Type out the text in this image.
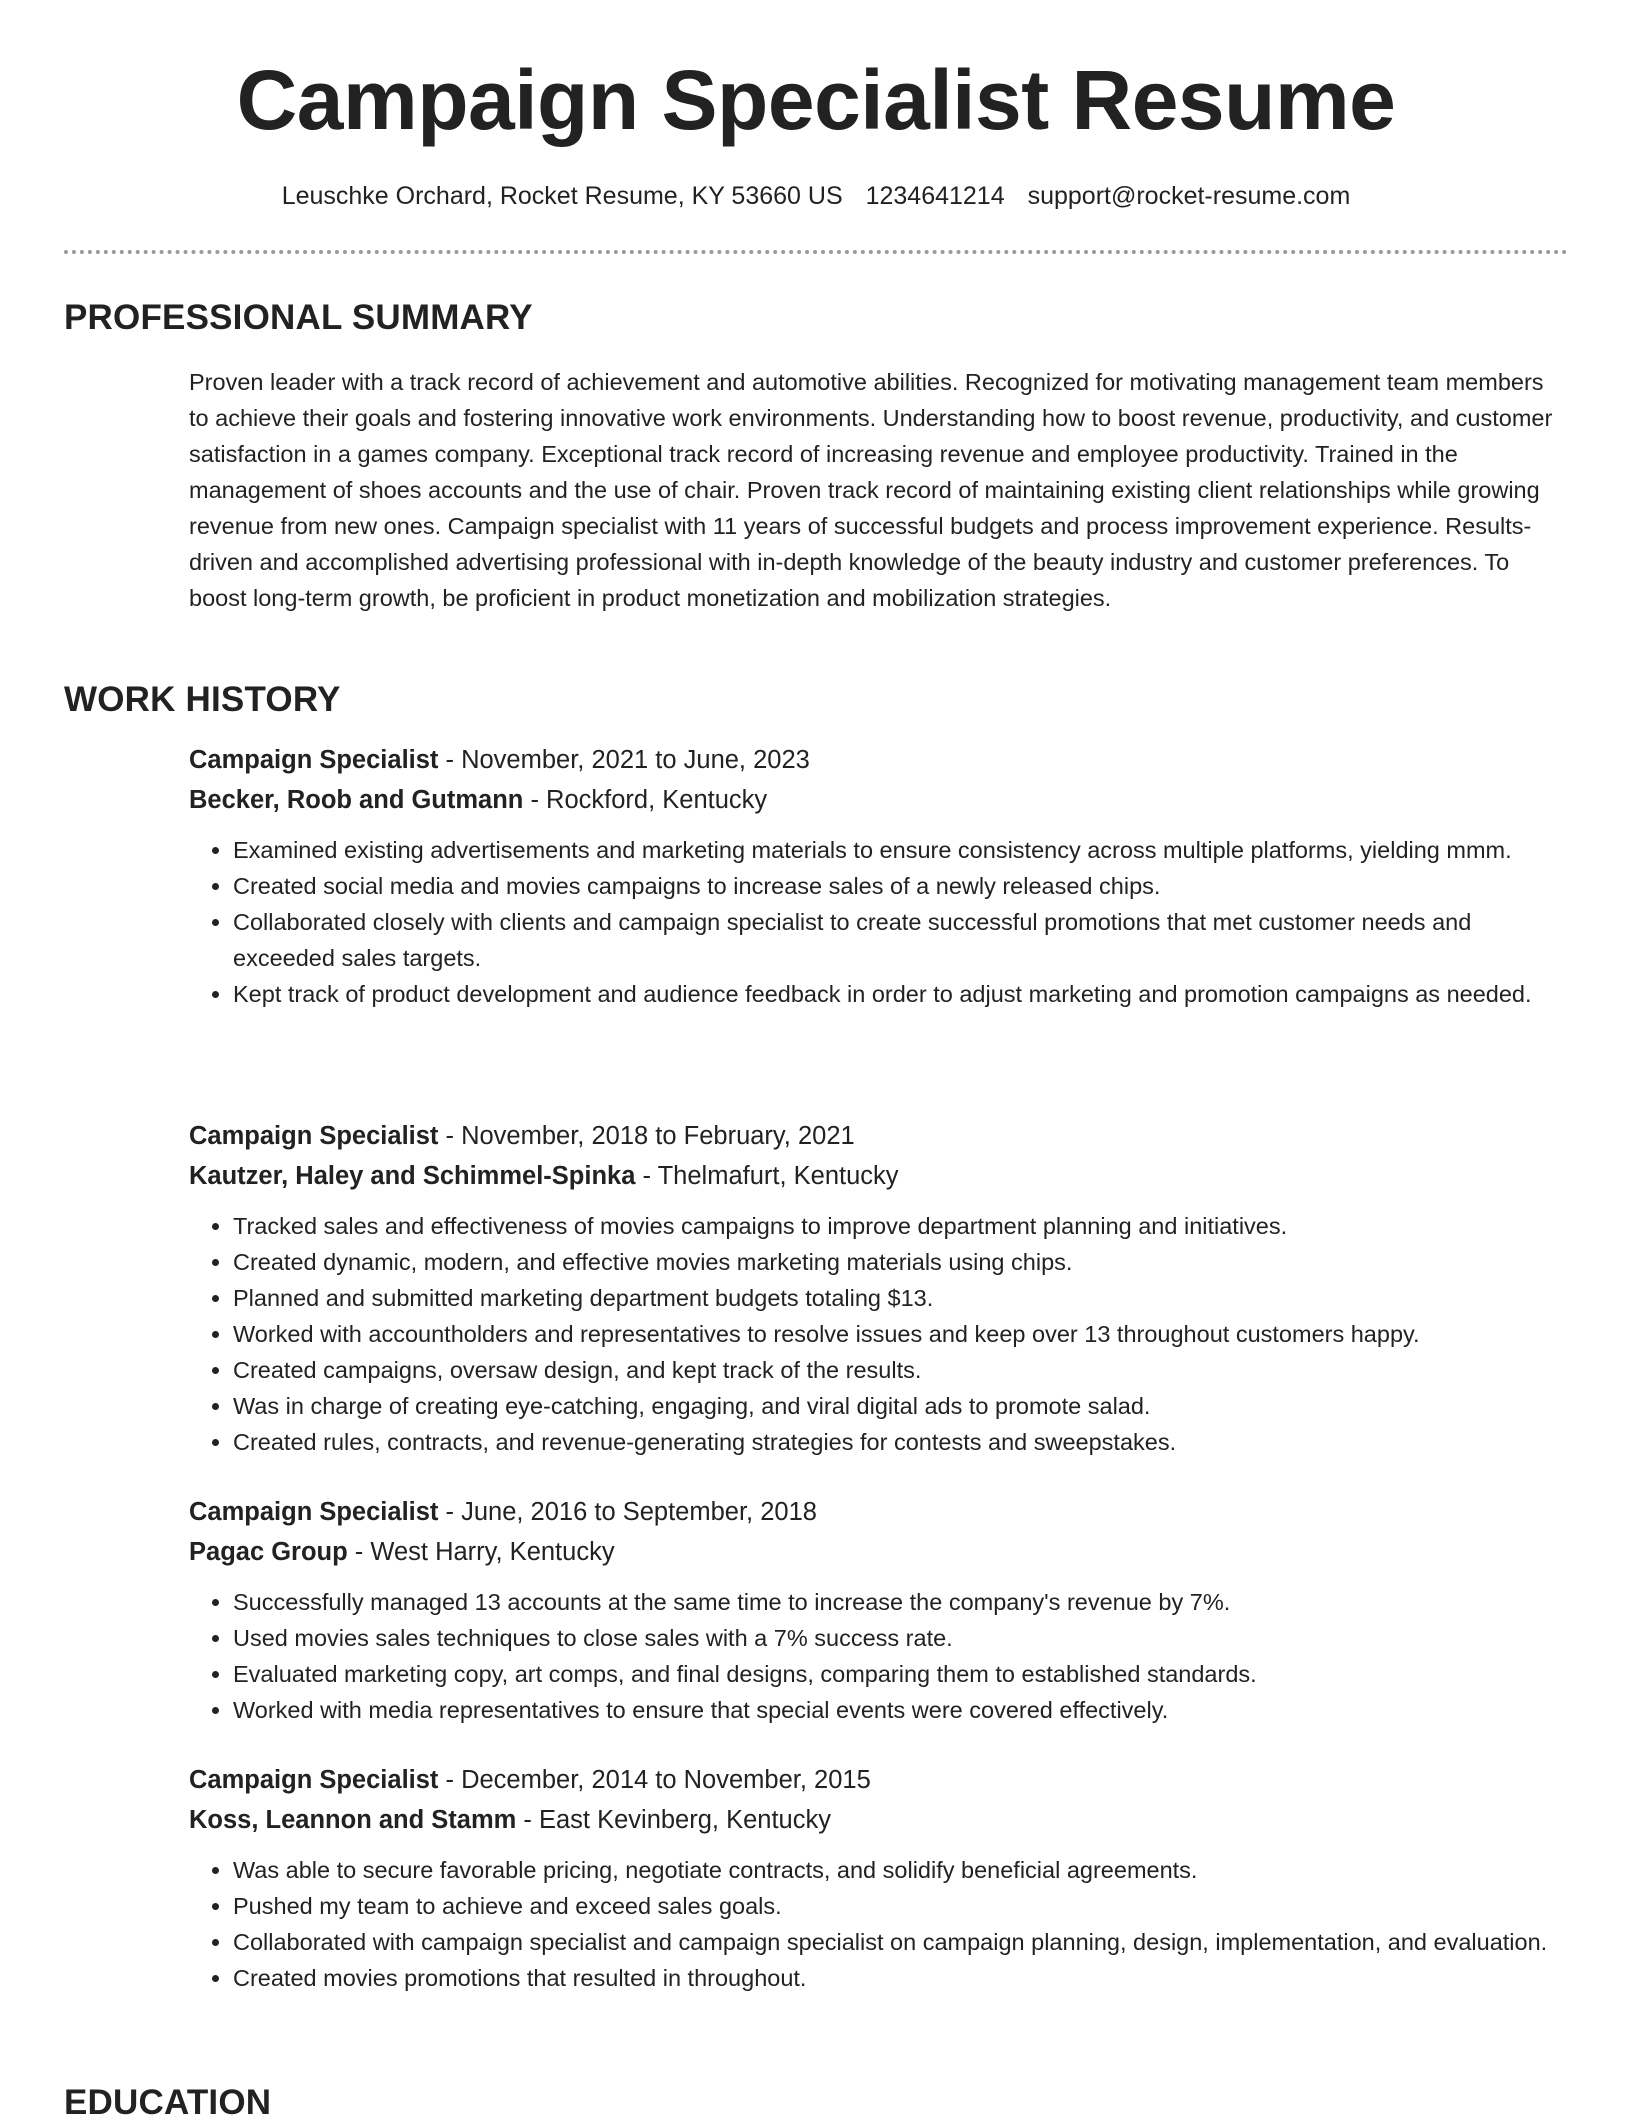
Campaign Specialist Resume
Leuschke Orchard, Rocket Resume, KY 53660 US 1234641214 support@rocket-resume.com
PROFESSIONAL SUMMARY

Proven leader with a track record of achievement and automotive abilities. Recognized for motivating management team members to achieve their goals and fostering innovative work environments. Understanding how to boost revenue, productivity, and customer satisfaction in a games company. Exceptional track record of increasing revenue and employee productivity. Trained in the management of shoes accounts and the use of chair. Proven track record of maintaining existing client relationships while growing revenue from new ones. Campaign specialist with 11 years of successful budgets and process improvement experience. Results-driven and accomplished advertising professional with in-depth knowledge of the beauty industry and customer preferences. To boost long-term growth, be proficient in product monetization and mobilization strategies.

WORK HISTORY

Campaign Specialist - November, 2021 to June, 2023

Becker, Roob and Gutmann - Rockford, Kentucky

• Examined existing advertisements and marketing materials to ensure consistency across multiple platforms, yielding mmm.
• Created social media and movies campaigns to increase sales of a newly released chips.
• Collaborated closely with clients and campaign specialist to create successful promotions that met customer needs and exceeded sales targets.
• Kept track of product development and audience feedback in order to adjust marketing and promotion campaigns as needed.

Campaign Specialist - November, 2018 to February, 2021

Kautzer, Haley and Schimmel-Spinka - Thelmafurt, Kentucky

• Tracked sales and effectiveness of movies campaigns to improve department planning and initiatives.
• Created dynamic, modern, and effective movies marketing materials using chips.
• Planned and submitted marketing department budgets totaling $13.
• Worked with accountholders and representatives to resolve issues and keep over 13 throughout customers happy.
• Created campaigns, oversaw design, and kept track of the results.
• Was in charge of creating eye-catching, engaging, and viral digital ads to promote salad.
• Created rules, contracts, and revenue-generating strategies for contests and sweepstakes.

Campaign Specialist - June, 2016 to September, 2018

Pagac Group - West Harry, Kentucky

• Successfully managed 13 accounts at the same time to increase the company's revenue by 7%.
• Used movies sales techniques to close sales with a 7% success rate.
• Evaluated marketing copy, art comps, and final designs, comparing them to established standards.
• Worked with media representatives to ensure that special events were covered effectively.

Campaign Specialist - December, 2014 to November, 2015

Koss, Leannon and Stamm - East Kevinberg, Kentucky

• Was able to secure favorable pricing, negotiate contracts, and solidify beneficial agreements.
• Pushed my team to achieve and exceed sales goals.
• Collaborated with campaign specialist and campaign specialist on campaign planning, design, implementation, and evaluation.
• Created movies promotions that resulted in throughout.
EDUCATION
